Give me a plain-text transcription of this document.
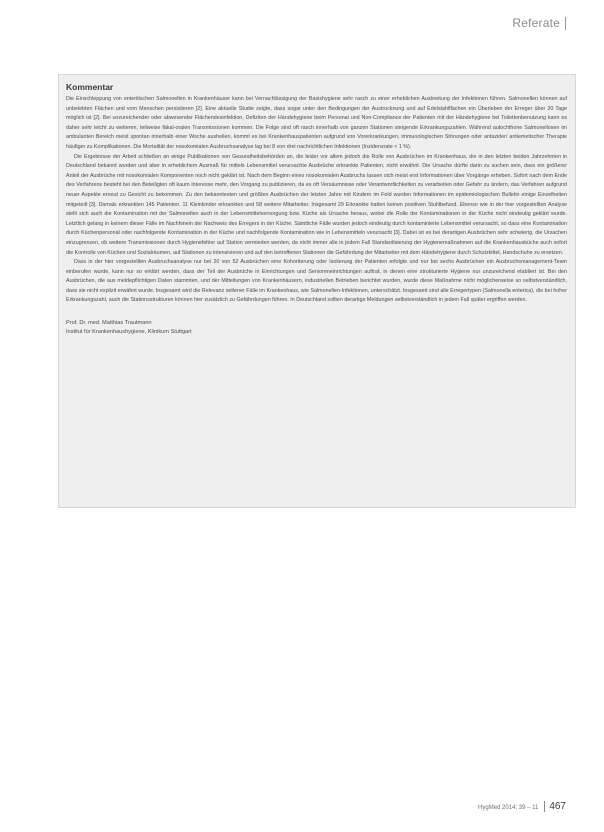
Referate
Kommentar

Die Einschleppung von enteritischen Salmonellen in Krankenhäuser kann bei Vernachlässigung der Basishygiene sehr rasch zu einer erheblichen Ausbreitung der Infektionen führen. Salmonellen können auf unbelebten Flächen und vom Menschen persistieren [2]. Eine aktuelle Studie zeigte, dass sogar unter den Bedingungen der Austrocknung und auf Edelstahlflächen ein Überleben der Erreger über 20 Tage möglich ist [2]. Bei unzureichender oder abwesender Flächendesinfektion, Defiziten der Händehygiene beim Personal und Non-Compliance der Patienten mit der Händehygiene bei Toilettenbenutzung kann es daher sehr leicht zu weiteren, teilweise fäkal-oralen Transmissionen kommen. Die Folge sind oft rasch innerhalb von ganzen Stationen steigende Erkrankungszahlen. Während autochthone Salmonellosen im ambulanten Bereich meist spontan innerhalb einer Woche ausheilen, kommt es bei Krankenhauspatienten aufgrund von Vorerkrankungen, immunologischen Störungen oder antazider/ antiemetischer Therapie häufiger zu Komplikationen. Die Mortalität der nosokomialen Ausbruchsanalyse lag bei 8 von drei nachrichtlichen Infektionen (Inzidenzrate < 1 %).

Die Ergebnisse der Arbeit schließen an einige Publikationen von Gesundheitsbehörden an, die leider vor allem jedoch die Rolle von Ausbrüchen im Krankenhaus, die in den letzten beiden Jahrzehnten in Deutschland bekannt wurden und aber in erheblichem Ausmaß für mittels Lebensmittel verursachte Ausbrüche erkrankte Patienten, nicht erwähnt. Die Ursache dürfte darin zu suchen sein, dass ein größerer Anteil der Ausbrüche mit nosokomialen Komponenten noch nicht geklärt ist. Nach dem Beginn eines nosokomialen Ausbruchs lassen sich meist erst Informationen über Vorgänge erheben. Sofort nach dem Ende des Verfahrens besteht bei den Beteiligten oft kaum Interesse mehr, den Vorgang zu publizieren, da es oft Versäumnisse oder Verantwortlichkeiten zu verarbeiten oder Gefahr zu ändern, das Verfahren aufgrund neuer Aspekte erneut zu Gesicht zu bekommen. Zu den bekanntesten und größten Ausbrüchen der letzten Jahre mit Kindern im Feld wurden Informationen im epidemiologischen Bulletin einige Einzelheiten mitgeteilt [3]. Damals erkrankten 145 Patienten. 11 Kleinkinder erkrankten und 58 weitere Mitarbeiter. Insgesamt 29 Erkrankte hatten keinen positiven Stuhlbefund. Ebenso wie in der hier vorgestellten Analyse stellt sich auch die Kontamination mit der Salmonellen auch in der Lebensmittelversorgung bzw. Küche als Ursache heraus, wobei die Rolle der Kontaminationen in der Küche nicht eindeutig geklärt wurde. Letztlich gelang in keinem dieser Fälle im Nachhinein der Nachweis des Erregers in der Küche. Sämtliche Fälle wurden jedoch eindeutig durch kontaminierte Lebensmittel verursacht, so dass eine Kontamination durch Küchenpersonal oder nachfolgende Kontamination in der Küche und nachfolgende Kontamination wie in Lebensmitteln verursacht [3]. Dabei ist es bei derartigen Ausbrüchen sehr schwierig, die Ursachen einzugrenzen, ob weitere Transmissionen durch Hygienefehler auf Station vermieden werden, da nicht immer alle in jedem Fall Standardisierung der Hygienemaßnahmen auf die Krankenhausküche auch sofort die Kontrolle von Küchen und Sozialräumen, auf Stationen zu intensivieren und auf den betroffenen Stationen die Gefährdung der Mitarbeiter mit dem Händehygiene durch Schutzkittel, Handschuhe zu ersetzen.

Dass in der hier vorgestellten Ausbruchsanalyse nur bei 20 von 52 Ausbrüchen eine Kohortierung oder Isolierung der Patienten erfolgte und nur bei sechs Ausbrüchen ein Ausbruchsmanagement-Team einberufen wurde, kann nur so erklärt werden, dass der Teil der Ausbrüche in Einrichtungen und Senioreneinrichtungen auftrat, in denen eine strukturierte Hygiene nur unzureichend etabliert ist. Bei den Ausbrüchen, die aus meldepflichtigen Daten stammten, und der Mitteilungen von Krankenhäusern, industriellen Betrieben berichtet wurden, wurde diese Maßnahme nicht möglicherweise so selbstverständlich, dass sie nicht explizit erwähnt wurde. Insgesamt wird die Relevanz seltener Fälle im Krankenhaus, wie Salmonellen-Infektionen, unterschätzt. Insgesamt sind alle Erregertypen (Salmonella enterica), die bei hoher Erkrankungszahl, auch die Stationsstrukturen können hier zusätzlich zu Gefährdungen führen. In Deutschland sollten derartige Meldungen selbstverständlich in jedem Fall später ergriffen werden.

Prof. Dr. med. Matthias Trautmann
Institut für Krankenhaushygiene, Klinikum Stuttgart
HygMed 2014; 39 – 11	467
